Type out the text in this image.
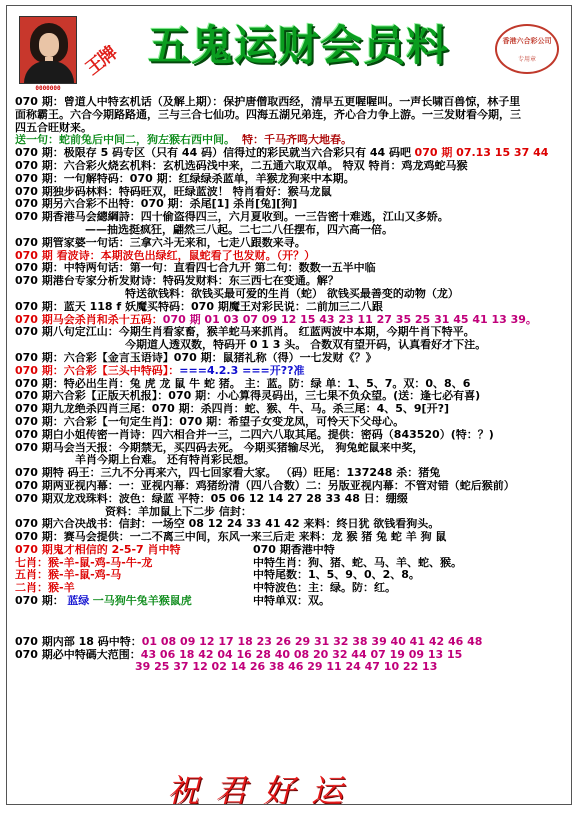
0000000
王牌 五鬼运财会员料	香港六合彩公司
专用章
070 期：曾道人中特玄机话（及解上期）：保护唐僧取西经，清早五更喔喔叫。一声长啸百兽惊，林子里
面称霸王。六合今期路路通，三与三合七仙功。四海五湖兄弟连，齐心合力争上游。一三发财看今期，三
四五合旺财来。
送一句：蛇前兔后中间二，狗左猴右西中间。 特：千马齐鸣大地春。
070 期：极限存 5 码专区（只有 44 码）信得过的彩民就当六合彩只有 44 码吧 070 期 07.13 15 37 44
070 期：六合彩火烧玄机料：玄机选码浅中来，二五通六取双单。 特双 特肖：鸡龙鸡蛇马猴
070 期：一句解特码：070 期：红绿绿杀蓝单，羊猴龙狗来中本期。
070 期独步码林料：特码旺双，旺绿蓝波！ 特肖看好：猴马龙鼠
070 期另六合彩不出特：070 期：杀尾[1] 杀肖[兔][狗]
070 期香港马会總綱詩：四十偷盗得四三，六月夏收到。一三告密十难逃，江山又多娇。
——抽选挺疯狂，翩然三八起。二七二八任摆布，四六高一倍。
070 期管家婆一句话：三拿六斗无来和，七走八跟数来寻。
070 期 看波诗：本期波色出绿红，鼠蛇看了也发财。（开？）
070 期：中特两句话：第一句：直看四七合九开 第二句：数数一五半中临
070 期港台专家分析发财诗：特码发财料：东三西七在变通。解？
特送欲钱料：欲钱买最可爱的生肖（蛇） 欲钱买最善变的动物（龙）
070 期：蓝天 118 f 妖魔买特码：070 期魔王对彩民说：二前加三二八跟
070 期马会杀肖和杀十五码：070 期 01 03 07 09 12 15 43 23 11 27 35 25 31 45 41 13 39。
070 期八句定江山：今期生肖看家畜，猴羊蛇马来抓肖。 红蓝两波中本期，今期牛肖下特平。
今期道人透双数，特码开 0 1 3 头。 合数双有望开码，认真看好才下注。
070 期：六合彩【金言玉语诗】070 期：鼠猪礼称（得）一七发财《？》
070 期：六合彩【三头中特码】：===4.2.3 ===开??准
070 期：特必出生肖：兔 虎 龙 鼠 牛 蛇 猪。 主：蓝。防：绿 单：1、5、7。双：0、8、6
070 期六合彩【正版天机报】：070 期：小心算得灵码出，三七果不负众望。(送：逢七必有喜)
070 期九龙绝杀四肖三尾：070 期：杀四肖：蛇、猴、牛、马。杀三尾：4、5、9[开?]
070 期：六合彩【一句定生肖】：070 期：希望子女变龙凤，可怜天下父母心。
070 期白小姐传密一肖诗：四六相合并一三，二四六八取其尾。提供：密码（843520）(特：？)
070 期马会当天报：今期禁无，买四码去死。 今期买猪输尽光， 狗兔蛇鼠来中奖，
羊肖今期上台难。 还有特肖彩民想。
070 期特 码王：三九不分再来六，四七回家看大家。 （码）旺尾：137248 杀：猪兔
070 期两亚视内幕：一：亚视内幕：鸡猪纷清（四八合数）二：另版亚视内幕：不管对错（蛇后猴前）
070 期双龙戏珠料：波色：绿蓝 平特：05 06 12 14 27 28 33 48 日：绷缀
资料：羊加鼠上下二步 信封：
070 期六合决战书：信封：一场空 08 12 24 33 41 42 来料：终日犹 欲钱看狗头。
070 期：赛马会提供：一二不离三中间，东风一来三后走 来料：龙 猴 猪 兔 蛇 羊 狗 鼠
070 期鬼才相信的 2-5-7 肖中特
七肖：猴-羊-鼠-鸡-马-牛-龙
五肖：猴-羊-鼠-鸡-马
二肖：猴-羊
070 期： 蓝绿 一马狗牛兔羊猴鼠虎
070 期香港中特
中特生肖：狗、猪、蛇、马、羊、蛇、猴。
中特尾数：1、5、9、0、2、8。
中特波色：主：绿。防：红。
中特单双：双。
070 期内部 18 码中特：01 08 09 12 17 18 23 26 29 31 32 38 39 40 41 42 46 48
070 期必中特碼大范围：43 06 18 42 04 16 28 40 08 20 32 44 07 19 09 13 15
39 25 37 12 02 14 26 38 46 29 11 24 47 10 22 13
祝君好运
